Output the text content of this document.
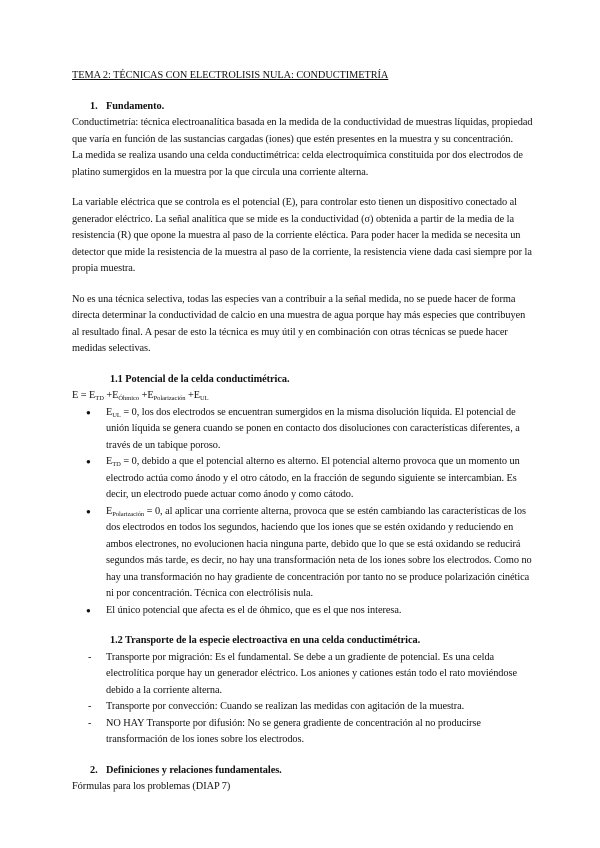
TEMA 2: TÉCNICAS CON ELECTROLISIS NULA: CONDUCTIMETRÍA

1. Fundamento.

Conductimetría: técnica electroanalítica basada en la medida de la conductividad de muestras líquidas, propiedad que varía en función de las sustancias cargadas (iones) que estén presentes en la muestra y su concentración.

La medida se realiza usando una celda conductimétrica: celda electroquímica constituida por dos electrodos de platino sumergidos en la muestra por la que circula una corriente alterna.

La variable eléctrica que se controla es el potencial (E), para controlar esto tienen un dispositivo conectado al generador eléctrico. La señal analítica que se mide es la conductividad (σ) obtenida a partir de la media de la resistencia (R) que opone la muestra al paso de la corriente eléctica. Para poder hacer la medida se necesita un detector que mide la resistencia de la muestra al paso de la corriente, la resistencia viene dada casi siempre por la propia muestra.

No es una técnica selectiva, todas las especies van a contribuir a la señal medida, no se puede hacer de forma directa determinar la conductividad de calcio en una muestra de agua porque hay más especies que contribuyen al resultado final. A pesar de esto la técnica es muy útil y en combinación con otras técnicas se puede hacer medidas selectivas.

1.1 Potencial de la celda conductimétrica.

$E = E_{TD} +E_{Óhmico} +E_{Polarización} +E_{UL}$

● $E_{UL} = 0$, los dos electrodos se encuentran sumergidos en la misma disolución líquida. El potencial de unión líquida se genera cuando se ponen en contacto dos disoluciones con características diferentes, a través de un tabique poroso.
● $E_{TD} = 0$, debido a que el potencial alterno es alterno. El potencial alterno provoca que un momento un electrodo actúa como ánodo y el otro cátodo, en la fracción de segundo siguiente se intercambian. Es decir, un electrodo puede actuar como ánodo y como cátodo.
● $E_{Polarización} = 0$, al aplicar una corriente alterna, provoca que se estén cambiando las características de los dos electrodos en todos los segundos, haciendo que los iones que se estén oxidando y reduciendo en ambos electrones, no evolucionen hacia ninguna parte, debido que lo que se está oxidando se reducirá segundos más tarde, es decir, no hay una transformación neta de los iones sobre los electrodos. Como no hay una transformación no hay gradiente de concentración por tanto no se produce polarización cinética ni por concentración. Técnica con electrólisis nula.
● El único potencial que afecta es el de óhmico, que es el que nos interesa.

1.2 Transporte de la especie electroactiva en una celda conductimétrica.

- Transporte por migración: Es el fundamental. Se debe a un gradiente de potencial. Es una celda electrolítica porque hay un generador eléctrico. Los aniones y cationes están todo el rato moviéndose debido a la corriente alterna.
- Transporte por convección: Cuando se realizan las medidas con agitación de la muestra.
- NO HAY Transporte por difusión: No se genera gradiente de concentración al no producirse transformación de los iones sobre los electrodos.

2. Definiciones y relaciones fundamentales.

Fórmulas para los problemas (DIAP 7)
